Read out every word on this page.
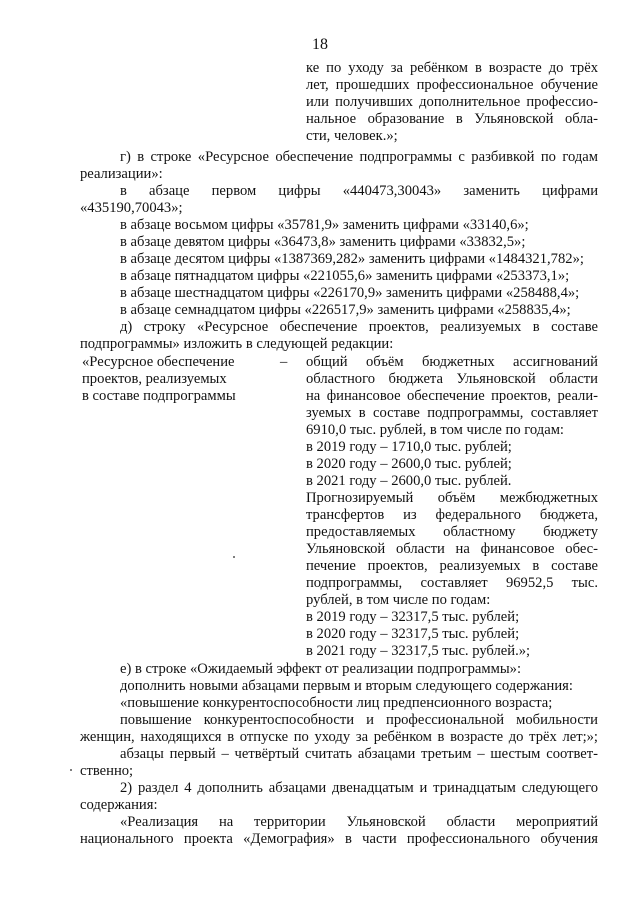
18
ке по уходу за ребёнком в возрасте до трёх
лет, прошедших профессиональное обучение
или получивших дополнительное профессио-
нальное образование в Ульяновской обла-
сти, человек.»;
г) в строке «Ресурсное обеспечение подпрограммы с разбивкой по годам
реализации»:
в абзаце первом цифры «440473,30043» заменить цифрами
«435190,70043»;
в абзаце восьмом цифры «35781,9» заменить цифрами «33140,6»;
в абзаце девятом цифры «36473,8» заменить цифрами «33832,5»;
в абзаце десятом цифры «1387369,282» заменить цифрами «1484321,782»;
в абзаце пятнадцатом цифры «221055,6» заменить цифрами «253373,1»;
в абзаце шестнадцатом цифры «226170,9» заменить цифрами «258488,4»;
в абзаце семнадцатом цифры «226517,9» заменить цифрами «258835,4»;
д) строку «Ресурсное обеспечение проектов, реализуемых в составе
подпрограммы» изложить в следующей редакции:
«Ресурсное обеспечение
проектов, реализуемых
в составе подпрограммы
– общий объём бюджетных ассигнований
областного бюджета Ульяновской области
на финансовое обеспечение проектов, реали-
зуемых в составе подпрограммы, составляет
6910,0 тыс. рублей, в том числе по годам:
в 2019 году – 1710,0 тыс. рублей;
в 2020 году – 2600,0 тыс. рублей;
в 2021 году – 2600,0 тыс. рублей.
Прогнозируемый объём межбюджетных
трансфертов из федерального бюджета,
предоставляемых областному бюджету
Ульяновской области на финансовое обес-
печение проектов, реализуемых в составе
подпрограммы, составляет 96952,5 тыс.
рублей, в том числе по годам:
в 2019 году – 32317,5 тыс. рублей;
в 2020 году – 32317,5 тыс. рублей;
в 2021 году – 32317,5 тыс. рублей.»;
е) в строке «Ожидаемый эффект от реализации подпрограммы»:
дополнить новыми абзацами первым и вторым следующего содержания:
«повышение конкурентоспособности лиц предпенсионного возраста;
повышение конкурентоспособности и профессиональной мобильности
женщин, находящихся в отпуске по уходу за ребёнком в возрасте до трёх лет;»;
абзацы первый – четвёртый считать абзацами третьим – шестым соответ-
ственно;
2) раздел 4 дополнить абзацами двенадцатым и тринадцатым следующего
содержания:
«Реализация на территории Ульяновской области мероприятий
национального проекта «Демография» в части профессионального обучения
